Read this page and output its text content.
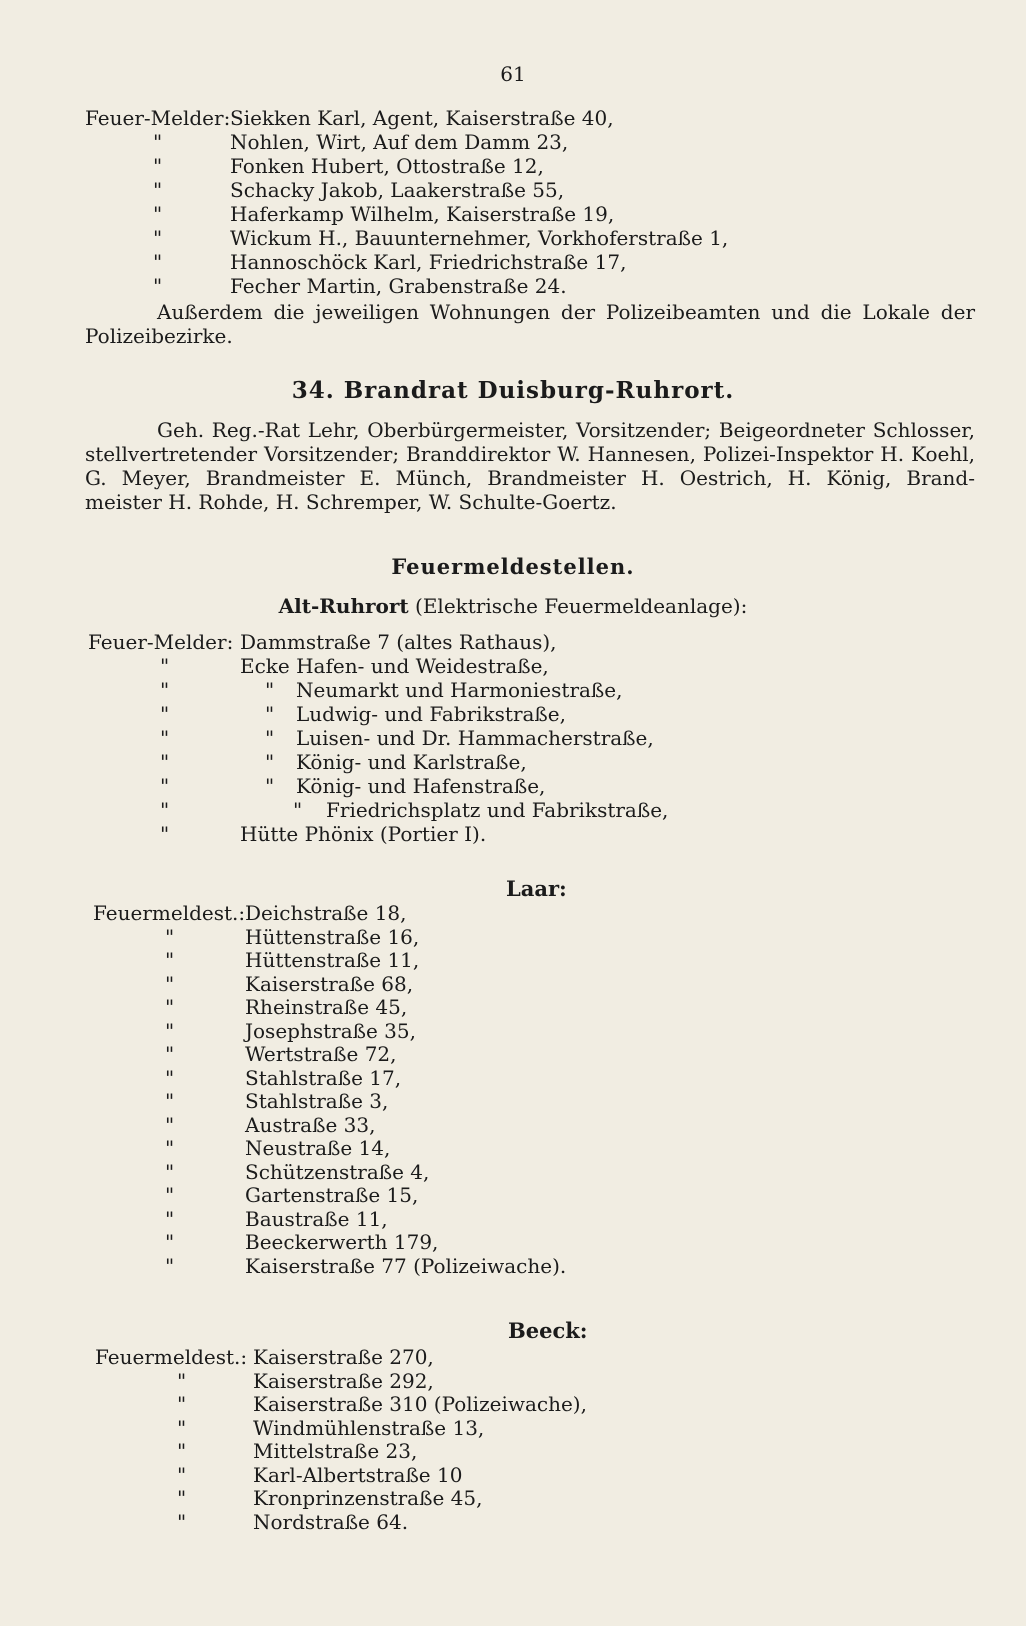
61
Feuer-Melder: Siekken Karl, Agent, Kaiserstraße 40,
"	Nohlen, Wirt, Auf dem Damm 23,
"	Fonken Hubert, Ottostraße 12,
"	Schacky Jakob, Laakerstraße 55,
"	Haferkamp Wilhelm, Kaiserstraße 19,
"	Wickum H., Bauunternehmer, Vorkhoferstraße 1,
"	Hannoschöck Karl, Friedrichstraße 17,
"	Fecher Martin, Grabenstraße 24.
Außerdem die jeweiligen Wohnungen der Polizeibeamten und die Lokale der
Polizeibezirke.
34. Brandrat Duisburg-Ruhrort.
Geh. Reg.-Rat Lehr, Oberbürgermeister, Vorsitzender; Beigeordneter Schlosser,
stellvertretender Vorsitzender; Branddirektor W. Hannesen, Polizei-Inspektor H. Koehl,
G. Meyer, Brandmeister E. Münch, Brandmeister H. Oestrich, H. König, Brand-
meister H. Rohde, H. Schremper, W. Schulte-Goertz.
Feuermeldestellen.
Alt-Ruhrort (Elektrische Feuermeldeanlage):
Feuer-Melder: Dammstraße 7 (altes Rathaus),
"	Ecke Hafen- und Weidestraße,
"	" Neumarkt und Harmoniestraße,
"	" Ludwig- und Fabrikstraße,
"	" Luisen- und Dr. Hammacherstraße,
"	" König- und Karlstraße,
"	" König- und Hafenstraße,
"	" Friedrichsplatz und Fabrikstraße,
"	Hütte Phönix (Portier I).
Laar:
Feuermeldest.: Deichstraße 18,
"	Hüttenstraße 16,
"	Hüttenstraße 11,
"	Kaiserstraße 68,
"	Rheinstraße 45,
"	Josephstraße 35,
"	Wertstraße 72,
"	Stahlstraße 17,
"	Stahlstraße 3,
"	Austraße 33,
"	Neustraße 14,
"	Schützenstraße 4,
"	Gartenstraße 15,
"	Baustraße 11,
"	Beeckerwerth 179,
"	Kaiserstraße 77 (Polizeiwache).
Beeck:
Feuermeldest.: Kaiserstraße 270,
"	Kaiserstraße 292,
"	Kaiserstraße 310 (Polizeiwache),
"	Windmühlenstraße 13,
"	Mittelstraße 23,
"	Karl-Albertstraße 10
"	Kronprinzenstraße 45,
"	Nordstraße 64.
